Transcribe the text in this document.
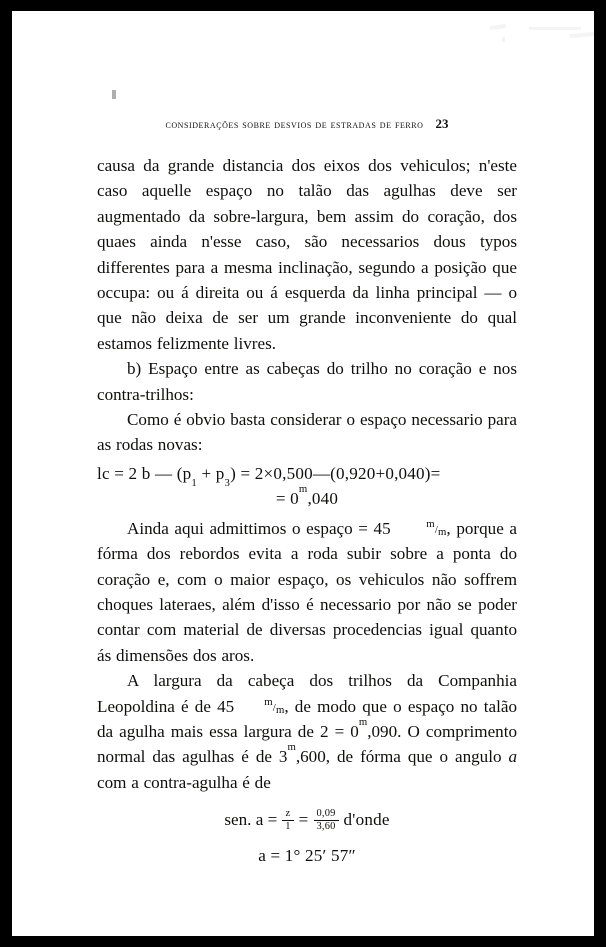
considerações sobre desvios de estradas de ferro 23

causa da grande distancia dos eixos dos vehiculos; n'este caso aquelle espaço no talão das agulhas deve ser augmentado da sobre-largura, bem assim do coração, dos quaes ainda n'esse caso, são necessarios dous typos differentes para a mesma inclinação, segundo a posição que occupa: ou á direita ou á esquerda da linha principal — o que não deixa de ser um grande inconveniente do qual estamos felizmente livres.

b) Espaço entre as cabeças do trilho no coração e nos contra-trilhos:

Como é obvio basta considerar o espaço necessario para as rodas novas:

lc = 2 b — $(p_1 + p_3)$ = 2×0,500—(0,920+0,040)=
= $0^m,040$

Ainda aqui admittimos o espaço = 45	m/m, porque a fórma dos rebordos evita a roda subir sobre a ponta do coração e, com o maior espaço, os vehiculos não soffrem choques lateraes, além d'isso é necessario por não se poder contar com material de diversas procedencias igual quanto ás dimensões dos aros.

A largura da cabeça dos trilhos da Companhia Leopoldina é de 45	m/m, de modo que o espaço no talão da agulha mais essa largura de $2 = 0^m,090$. O comprimento normal das agulhas é de 3$^m$,600, de fórma que o angulo a com a contra-agulha é de

sen. $a = \frac{z}{1} = \frac{0,09}{3,60}$ d'onde
a = 1° 25′ 57″
